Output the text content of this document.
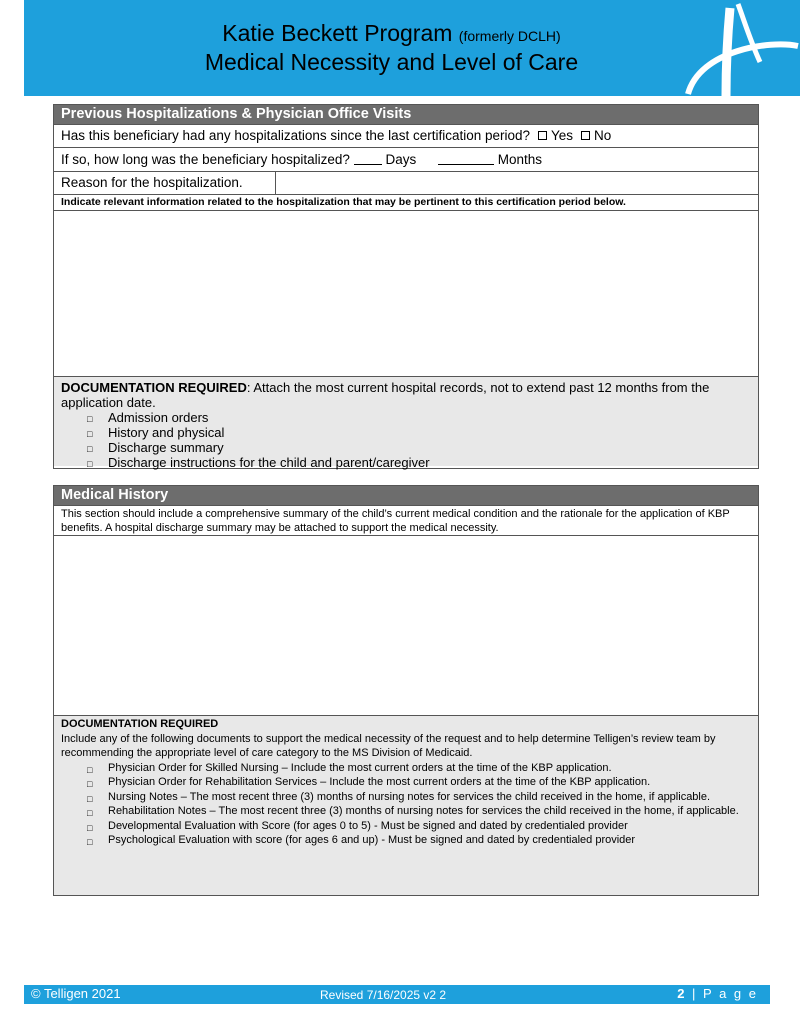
Katie Beckett Program (formerly DCLH)
Medical Necessity and Level of Care
Previous Hospitalizations & Physician Office Visits
Has this beneficiary had any hospitalizations since the last certification period? Yes No
If so, how long was the beneficiary hospitalized?	Days	Months
Reason for the hospitalization.
Indicate relevant information related to the hospitalization that may be pertinent to this certification period below.
DOCUMENTATION REQUIRED: Attach the most current hospital records, not to extend past 12 months from the application date.
□ Admission orders
□ History and physical
□ Discharge summary
□ Discharge instructions for the child and parent/caregiver
Medical History
This section should include a comprehensive summary of the child’s current medical condition and the rationale for the application of KBP benefits. A hospital discharge summary may be attached to support the medical necessity.
DOCUMENTATION REQUIRED
Include any of the following documents to support the medical necessity of the request and to help determine Telligen’s review team by recommending the appropriate level of care category to the MS Division of Medicaid.
□ Physician Order for Skilled Nursing – Include the most current orders at the time of the KBP application.
□ Physician Order for Rehabilitation Services – Include the most current orders at the time of the KBP application.
□ Nursing Notes – The most recent three (3) months of nursing notes for services the child received in the home, if applicable.
□ Rehabilitation Notes – The most recent three (3) months of nursing notes for services the child received in the home, if applicable.
□ Developmental Evaluation with Score (for ages 0 to 5) - Must be signed and dated by credentialed provider
□ Psychological Evaluation with score (for ages 6 and up) - Must be signed and dated by credentialed provider
© Telligen 2021	Revised 7/16/2025 v2 2	2 | P a g e
